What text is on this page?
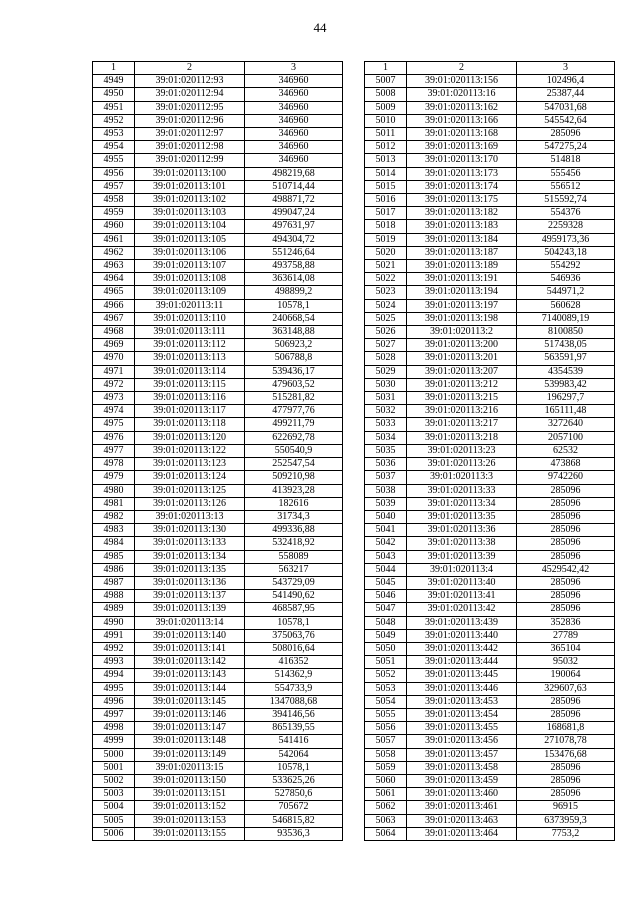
44
1	2	3
4949	39:01:020112:93	346960
4950	39:01:020112:94	346960
4951	39:01:020112:95	346960
4952	39:01:020112:96	346960
4953	39:01:020112:97	346960
4954	39:01:020112:98	346960
4955	39:01:020112:99	346960
4956	39:01:020113:100	498219,68
4957	39:01:020113:101	510714,44
4958	39:01:020113:102	498871,72
4959	39:01:020113:103	499047,24
4960	39:01:020113:104	497631,97
4961	39:01:020113:105	494304,72
4962	39:01:020113:106	551246,64
4963	39:01:020113:107	493758,88
4964	39:01:020113:108	363614,08
4965	39:01:020113:109	498899,2
4966	39:01:020113:11	10578,1
4967	39:01:020113:110	240668,54
4968	39:01:020113:111	363148,88
4969	39:01:020113:112	506923,2
4970	39:01:020113:113	506788,8
4971	39:01:020113:114	539436,17
4972	39:01:020113:115	479603,52
4973	39:01:020113:116	515281,82
4974	39:01:020113:117	477977,76
4975	39:01:020113:118	499211,79
4976	39:01:020113:120	622692,78
4977	39:01:020113:122	550540,9
4978	39:01:020113:123	252547,54
4979	39:01:020113:124	509210,98
4980	39:01:020113:125	413923,28
4981	39:01:020113:126	182616
4982	39:01:020113:13	31734,3
4983	39:01:020113:130	499336,88
4984	39:01:020113:133	532418,92
4985	39:01:020113:134	558089
4986	39:01:020113:135	563217
4987	39:01:020113:136	543729,09
4988	39:01:020113:137	541490,62
4989	39:01:020113:139	468587,95
4990	39:01:020113:14	10578,1
4991	39:01:020113:140	375063,76
4992	39:01:020113:141	508016,64
4993	39:01:020113:142	416352
4994	39:01:020113:143	514362,9
4995	39:01:020113:144	554733,9
4996	39:01:020113:145	1347088,68
4997	39:01:020113:146	394146,56
4998	39:01:020113:147	865139,55
4999	39:01:020113:148	541416
5000	39:01:020113:149	542064
5001	39:01:020113:15	10578,1
5002	39:01:020113:150	533625,26
5003	39:01:020113:151	527850,6
5004	39:01:020113:152	705672
5005	39:01:020113:153	546815,82
5006	39:01:020113:155	93536,3
1	2	3
5007	39:01:020113:156	102496,4
5008	39:01:020113:16	25387,44
5009	39:01:020113:162	547031,68
5010	39:01:020113:166	545542,64
5011	39:01:020113:168	285096
5012	39:01:020113:169	547275,24
5013	39:01:020113:170	514818
5014	39:01:020113:173	555456
5015	39:01:020113:174	556512
5016	39:01:020113:175	515592,74
5017	39:01:020113:182	554376
5018	39:01:020113:183	2259328
5019	39:01:020113:184	4959173,36
5020	39:01:020113:187	504243,18
5021	39:01:020113:189	554292
5022	39:01:020113:191	546936
5023	39:01:020113:194	544971,2
5024	39:01:020113:197	560628
5025	39:01:020113:198	7140089,19
5026	39:01:020113:2	8100850
5027	39:01:020113:200	517438,05
5028	39:01:020113:201	563591,97
5029	39:01:020113:207	4354539
5030	39:01:020113:212	539983,42
5031	39:01:020113:215	196297,7
5032	39:01:020113:216	165111,48
5033	39:01:020113:217	3272640
5034	39:01:020113:218	2057100
5035	39:01:020113:23	62532
5036	39:01:020113:26	473868
5037	39:01:020113:3	9742260
5038	39:01:020113:33	285096
5039	39:01:020113:34	285096
5040	39:01:020113:35	285096
5041	39:01:020113:36	285096
5042	39:01:020113:38	285096
5043	39:01:020113:39	285096
5044	39:01:020113:4	4529542,42
5045	39:01:020113:40	285096
5046	39:01:020113:41	285096
5047	39:01:020113:42	285096
5048	39:01:020113:439	352836
5049	39:01:020113:440	27789
5050	39:01:020113:442	365104
5051	39:01:020113:444	95032
5052	39:01:020113:445	190064
5053	39:01:020113:446	329607,63
5054	39:01:020113:453	285096
5055	39:01:020113:454	285096
5056	39:01:020113:455	168681,8
5057	39:01:020113:456	271078,78
5058	39:01:020113:457	153476,68
5059	39:01:020113:458	285096
5060	39:01:020113:459	285096
5061	39:01:020113:460	285096
5062	39:01:020113:461	96915
5063	39:01:020113:463	6373959,3
5064	39:01:020113:464	7753,2
